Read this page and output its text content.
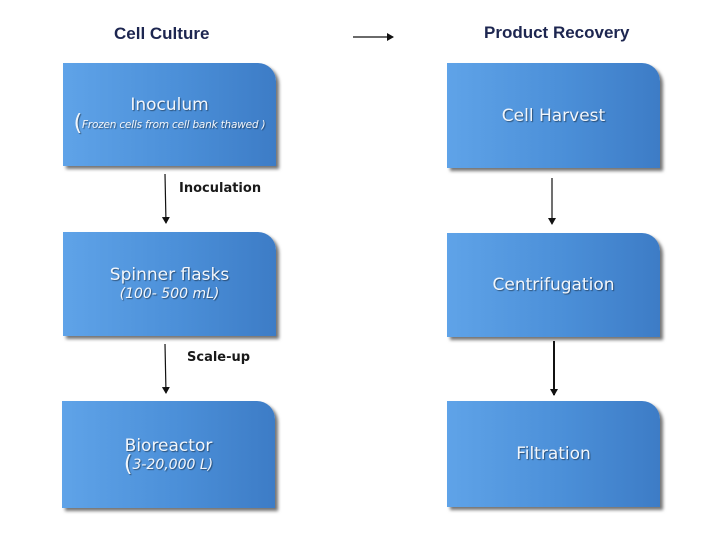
Cell Culture	Product Recovery
Inoculum
(Frozen cells from cell bank thawed )
Spinner flasks
(100- 500 mL)
Bioreactor
(3-20,000 L)
Cell Harvest
Centrifugation
Filtration
Inoculation
Scale-up
